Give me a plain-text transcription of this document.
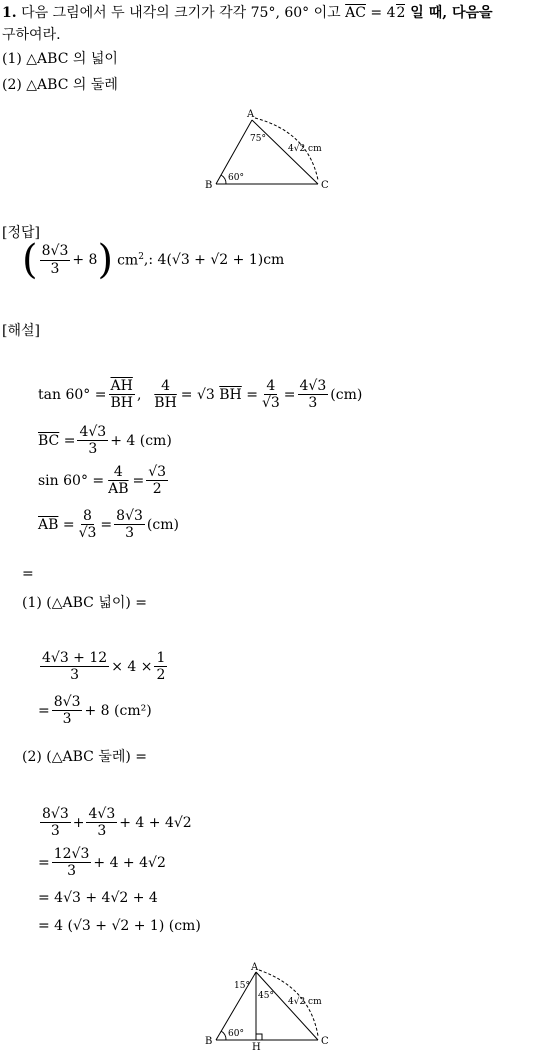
1. 다음 그림에서 두 내각의 크기가 각각 75°, 60° 이고 $\overline{AC} = 42$ 일 때, 다음을
구하여라.
(1) △ABC 의 넓이
(2) △ABC 의 둘레
A
B	C
75°
60°
4√2 cm
[정답]
( $\frac{8√3}{3} + 8$ ) $cm^2$ ,: 4(√3 + √2 + 1)cm
[해설]
$\tan 60^\circ = \frac{\overline{AH}}{BH}$ , $\frac{4}{BH} = √3$
$\overline{BH}$
= $\frac{4}{√3} = \frac{4√3}{3} (cm)$
$\overline{BC} = \frac{4√3}{3} + 4$ (cm)
$\sin 60^\circ = \frac{4}{AB} = \frac{√3}{2}$
$\overline{AB} = \frac{8}{√3} = \frac{8√3}{3} (cm)$
=
(1) (△ABC 넓이) =
$\frac{4√3 + 12}{3} \times 4 \times \frac{1}{2}$
= $\frac{8√3}{3} + 8$ (cm²)
(2) (△ABC 둘레) =
$\frac{8√3}{3} + \frac{4√3}{3} + 4 + 4√2$
= $\frac{12√3}{3} + 4 + 4√2$
= 4√3 + 4√2 + 4
= 4 (√3 + √2 + 1) (cm)
A
B	C
H
15°
45°
60°
4√2 cm
